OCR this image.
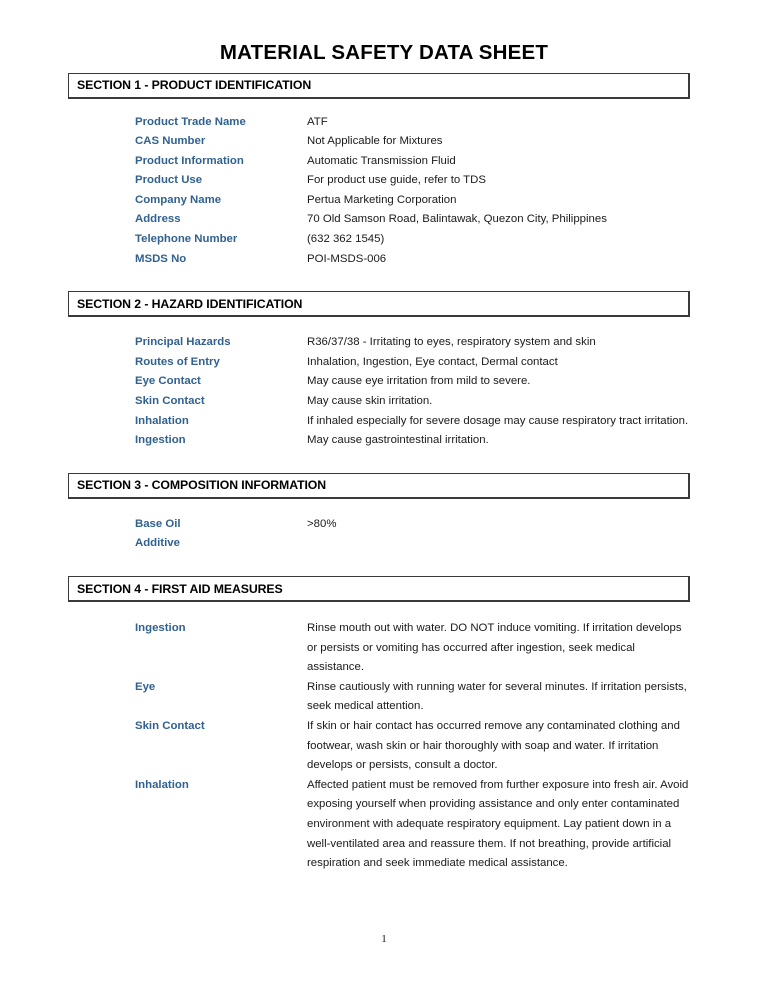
MATERIAL SAFETY DATA SHEET
SECTION 1 - PRODUCT IDENTIFICATION
Product Trade Name	ATF
CAS Number	Not Applicable for Mixtures
Product Information	Automatic Transmission Fluid
Product Use	For product use guide, refer to TDS
Company Name	Pertua Marketing Corporation
Address	70 Old Samson Road, Balintawak, Quezon City, Philippines
Telephone Number	(632 362 1545)
MSDS No	POI-MSDS-006
SECTION 2 - HAZARD IDENTIFICATION
Principal Hazards	R36/37/38 - Irritating to eyes, respiratory system and skin
Routes of Entry	Inhalation, Ingestion, Eye contact, Dermal contact
Eye Contact	May cause eye irritation from mild to severe.
Skin Contact	May cause skin irritation.
Inhalation	If inhaled especially for severe dosage may cause respiratory tract irritation.
Ingestion	May cause gastrointestinal irritation.
SECTION 3 - COMPOSITION INFORMATION
Base Oil	>80%
Additive
SECTION 4 - FIRST AID MEASURES
Ingestion	Rinse mouth out with water. DO NOT induce vomiting. If irritation develops or persists or vomiting has occurred after ingestion, seek medical assistance.
Eye	Rinse cautiously with running water for several minutes. If irritation persists, seek medical attention.
Skin Contact	If skin or hair contact has occurred remove any contaminated clothing and footwear, wash skin or hair thoroughly with soap and water. If irritation develops or persists, consult a doctor.
Inhalation	Affected patient must be removed from further exposure into fresh air. Avoid exposing yourself when providing assistance and only enter contaminated environment with adequate respiratory equipment. Lay patient down in a well-ventilated area and reassure them. If not breathing, provide artificial respiration and seek immediate medical assistance.
1
